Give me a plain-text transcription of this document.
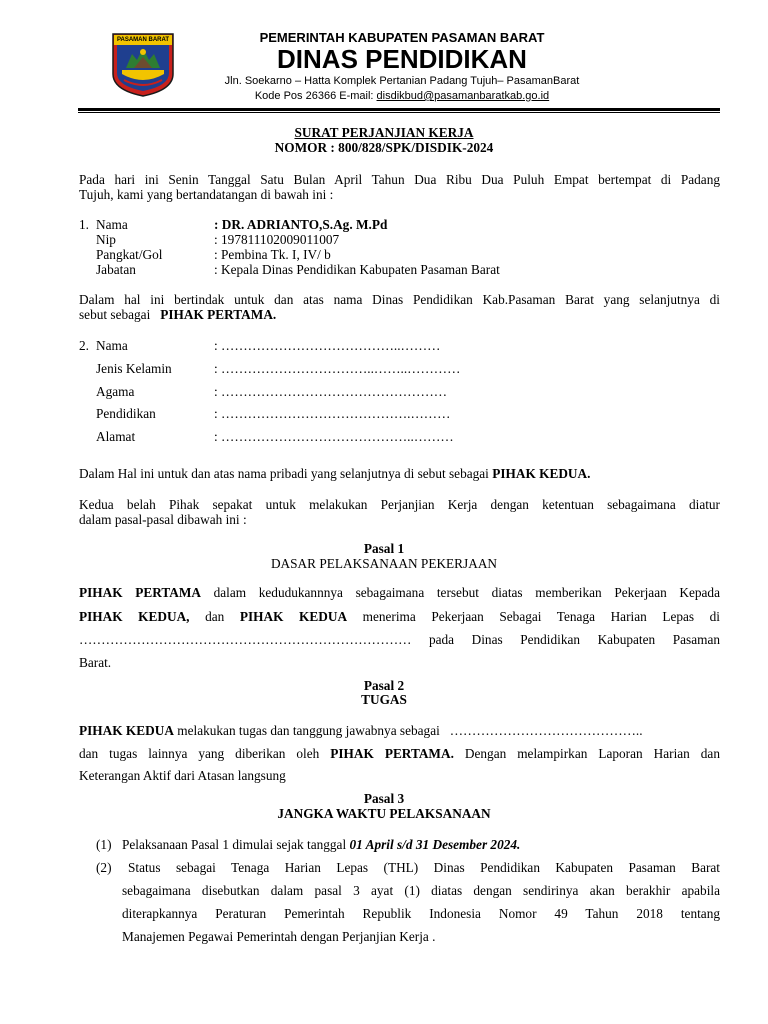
PASAMAN BARAT	PEMERINTAH KABUPATEN PASAMAN BARAT
DINAS PENDIDIKAN
Jln. Soekarno – Hatta Komplek Pertanian Padang Tujuh– PasamanBarat
Kode Pos 26366 E-mail: disdikbud@pasamanbaratkab.go.id
SURAT PERJANJIAN KERJA
NOMOR : 800/828/SPK/DISDIK-2024
Pada hari ini Senin Tanggal Satu Bulan April Tahun Dua Ribu Dua Puluh Empat bertempat di Padang
Tujuh, kami yang bertandatangan di bawah ini :
1. Nama	: DR. ADRIANTO,S.Ag. M.Pd
Nip	: 197811102009011007
Pangkat/Gol	: Pembina Tk. I, IV/ b
Jabatan	: Kepala Dinas Pendidikan Kabupaten Pasaman Barat
Dalam hal ini bertindak untuk dan atas nama Dinas Pendidikan Kab.Pasaman Barat yang selanjutnya di
sebut sebagai   PIHAK PERTAMA.
2. Nama	: …………………………………..………
Jenis Kelamin	: ……………………………..……..…………
Agama	: ……………………………………………
Pendidikan	: …………………………………….………
Alamat	: ……………………………………..………
Dalam Hal ini untuk dan atas nama pribadi yang selanjutnya di sebut sebagai PIHAK KEDUA.
Kedua belah Pihak sepakat untuk melakukan Perjanjian Kerja dengan ketentuan sebagaimana diatur
dalam pasal-pasal dibawah ini :
Pasal 1
DASAR PELAKSANAAN PEKERJAAN
PIHAK PERTAMA dalam kedudukannnya sebagaimana tersebut diatas memberikan Pekerjaan Kepada
PIHAK KEDUA, dan PIHAK KEDUA menerima Pekerjaan Sebagai Tenaga Harian Lepas di
………………………………………………………………… pada Dinas Pendidikan Kabupaten Pasaman
Barat.
Pasal 2
TUGAS
PIHAK KEDUA melakukan tugas dan tanggung jawabnya sebagai   ……………………………………..
dan tugas lainnya yang diberikan oleh PIHAK PERTAMA. Dengan melampirkan Laporan Harian dan
Keterangan Aktif dari Atasan langsung
Pasal 3
JANGKA WAKTU PELAKSANAAN
(1) Pelaksanaan Pasal 1 dimulai sejak tanggal 01 April s/d 31 Desember 2024.
(2) Status sebagai Tenaga Harian Lepas (THL) Dinas Pendidikan Kabupaten Pasaman Barat
sebagaimana disebutkan dalam pasal 3 ayat (1) diatas dengan sendirinya akan berakhir apabila
diterapkannya Peraturan Pemerintah Republik Indonesia Nomor 49 Tahun 2018 tentang
Manajemen Pegawai Pemerintah dengan Perjanjian Kerja .
